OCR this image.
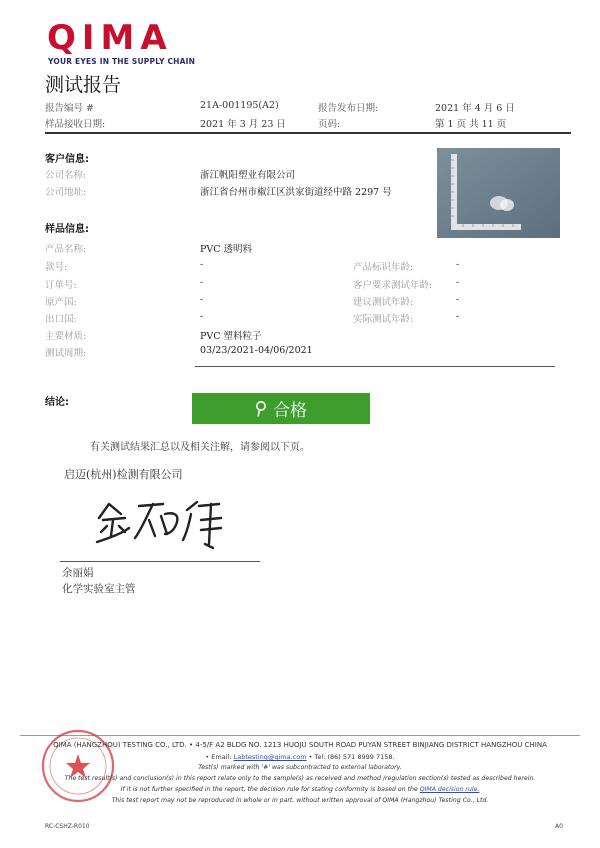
QIMA
YOUR EYES IN THE SUPPLY CHAIN
测试报告
报告编号 #	21A-001195(A2)	报告发布日期:	2021 年 4 月 6 日
样品接收日期:	2021 年 3 月 23 日	页码:	第 1 页 共 11 页
客户信息:
公司名称:	浙江帆阳塑业有限公司
公司地址:	浙江省台州市椒江区洪家街道经中路 2297 号
样品信息:
产品名称:	PVC 透明料
款号:	-	产品标识年龄:	-
订单号:	-	客户要求测试年龄:	-
原产国:	-	建议测试年龄:	-
出口国:	-	实际测试年龄:	-
主要材质:	PVC 塑料粒子
测试周期:	03/23/2021-04/06/2021
结论:	合格
有关测试结果汇总以及相关注解，请参阅以下页。
启迈(杭州)检测有限公司
余丽娟
化学实验室主管
QIMA (HANGZHOU) TESTING CO., LTD. • 4-5/F A2 BLDG NO. 1213 HUOJU SOUTH ROAD PUYAN STREET BINJIANG DISTRICT HANGZHOU CHINA
• Email: Labtesting@qima.com • Tel: (86) 571 8999 7158.
Test(s) marked with '#' was subcontracted to external laboratory.
The test result(s) and conclusion(s) in this report relate only to the sample(s) as received and method /regulation section(s) tested as described herein.
If it is not further specified in the report, the decision rule for stating conformity is based on the QIMA decision rule.
This test report may not be reproduced in whole or in part, without written approval of QIMA (Hangzhou) Testing Co., Ltd.
RC-CSHZ-R010	A0
